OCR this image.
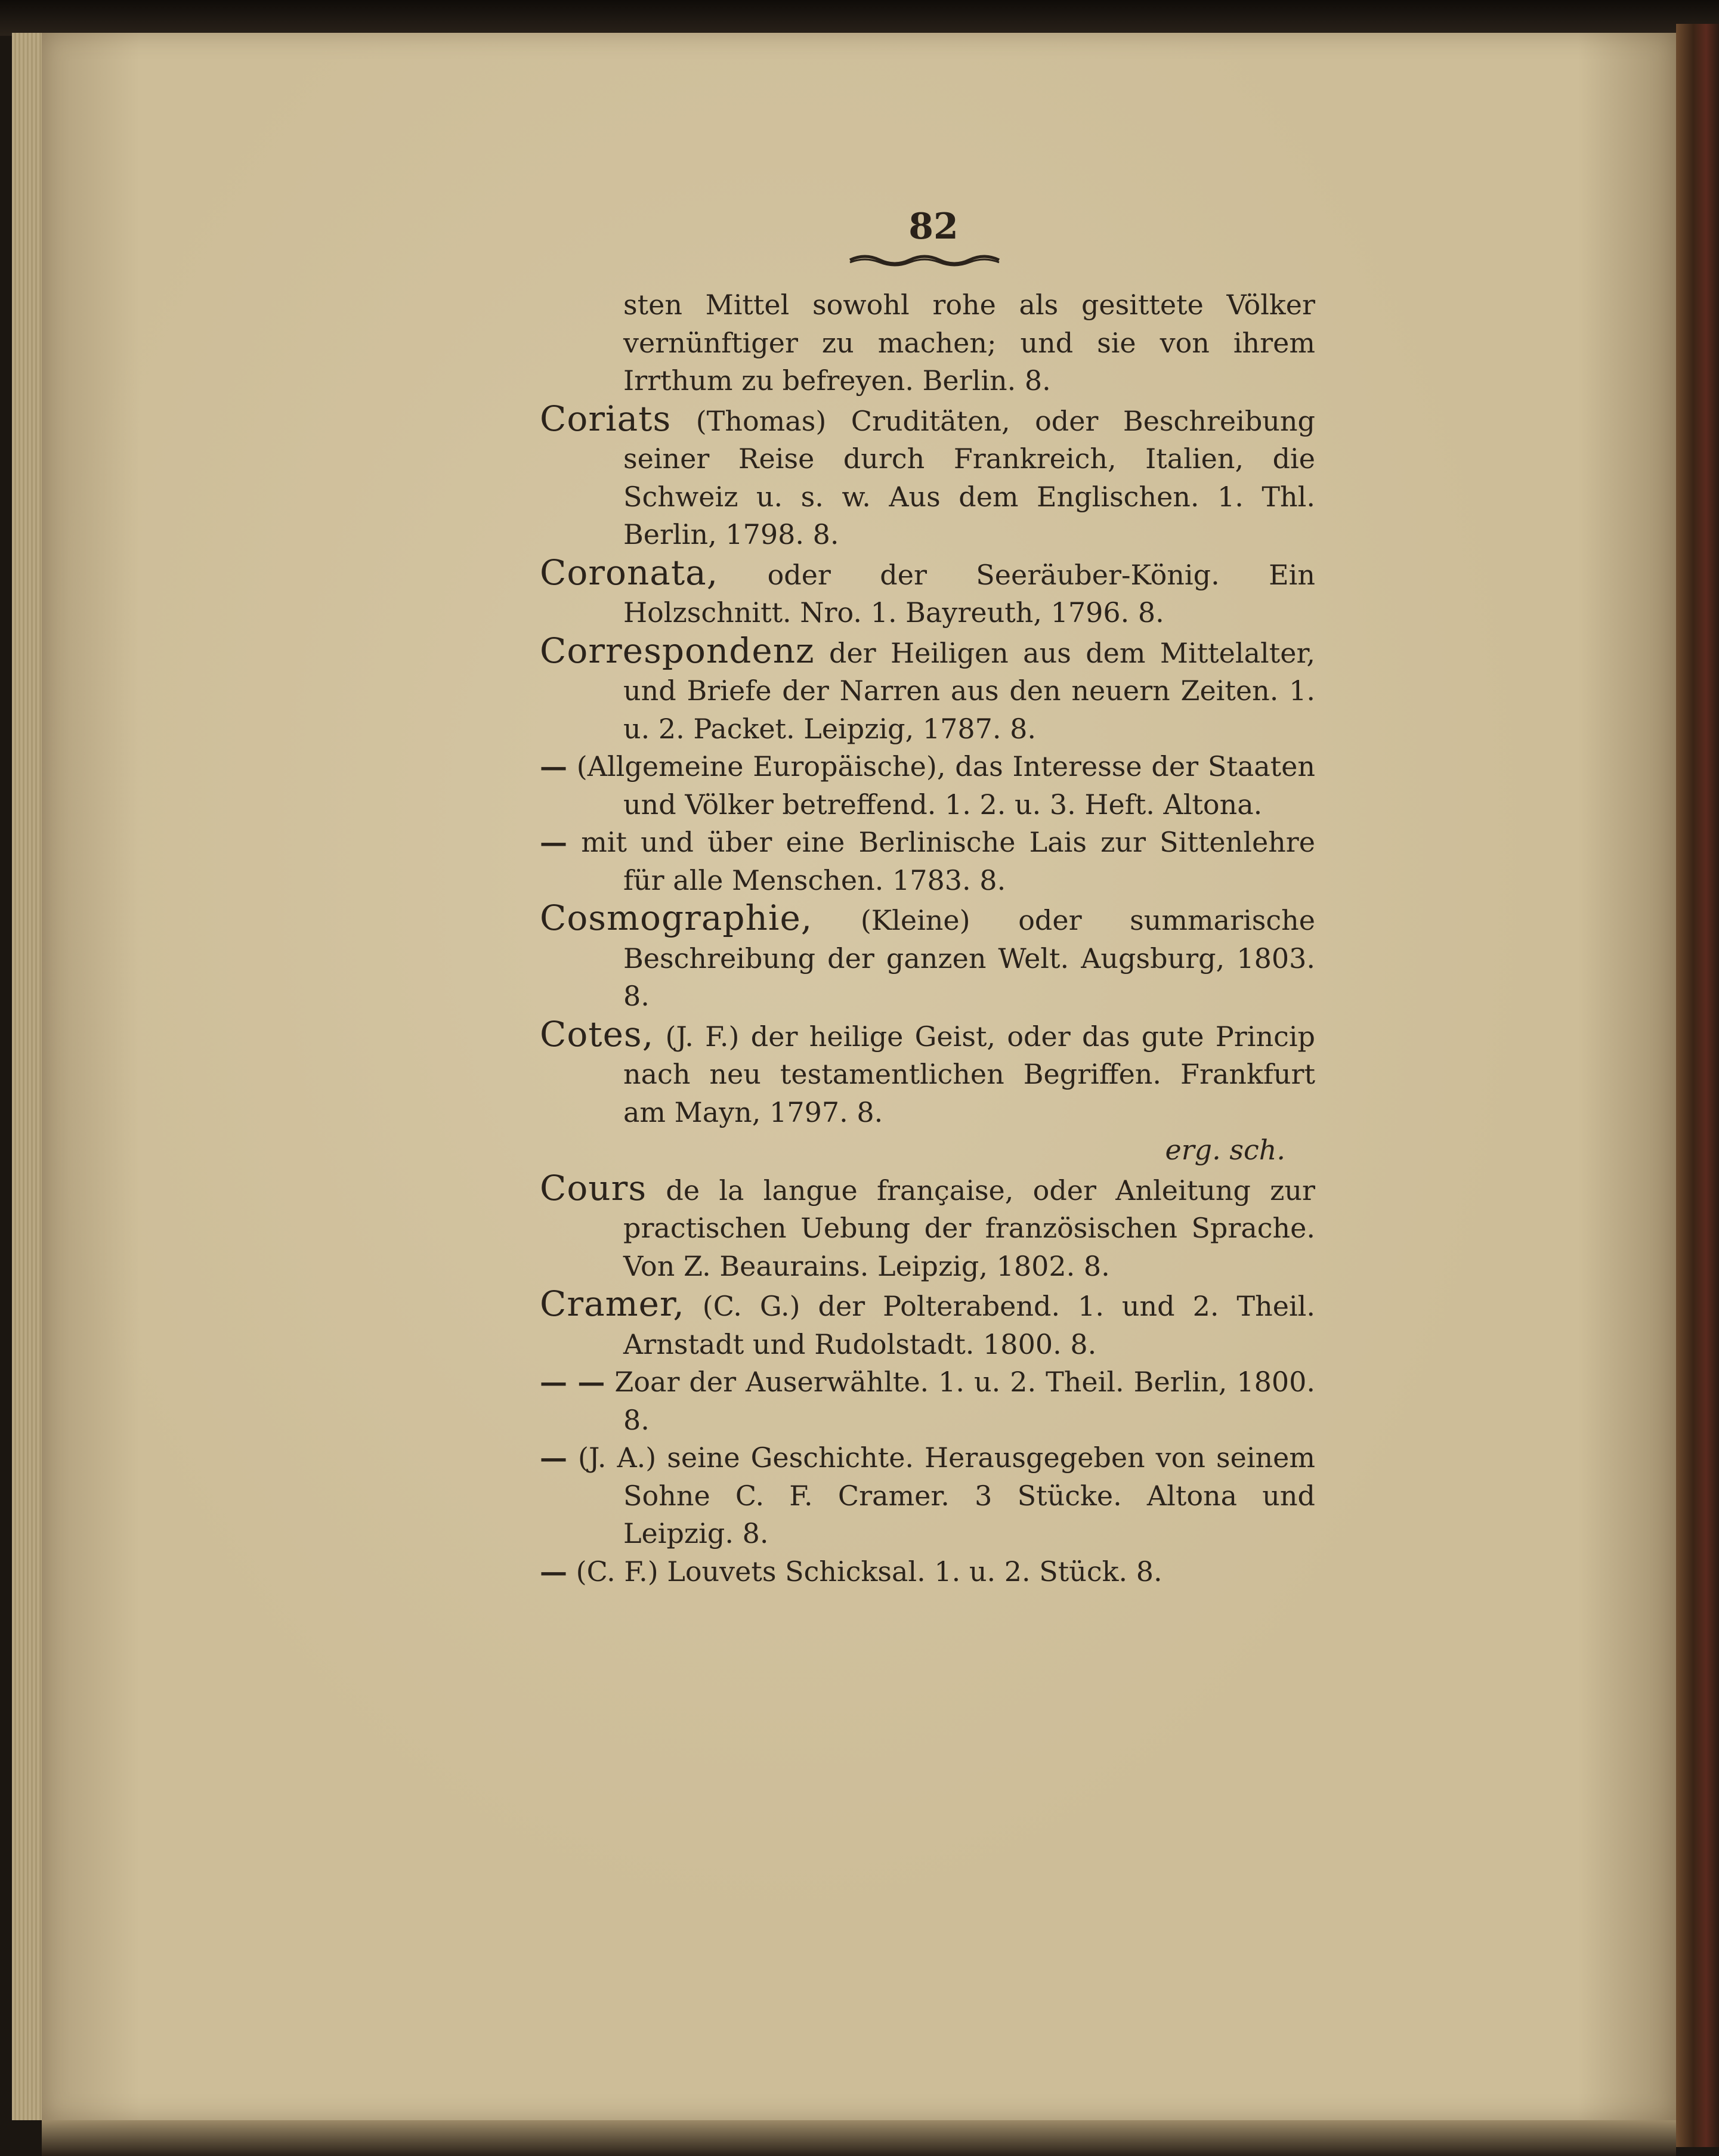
82

sten Mittel sowohl rohe als gesittete Völker vernünftiger zu machen; und sie von ihrem Irrthum zu befreyen. Berlin. 8.

Coriats (Thomas) Cruditäten, oder Beschreibung seiner Reise durch Frankreich, Italien, die Schweiz u. s. w. Aus dem Englischen. 1. Thl. Berlin, 1798. 8.

Coronata, oder der Seeräuber-König. Ein Holzschnitt. Nro. 1. Bayreuth, 1796. 8.

Correspondenz der Heiligen aus dem Mittelalter, und Briefe der Narren aus den neuern Zeiten. 1. u. 2. Packet. Leipzig, 1787. 8.

— (Allgemeine Europäische), das Interesse der Staaten und Völker betreffend. 1. 2. u. 3. Heft. Altona.

— mit und über eine Berlinische Lais zur Sittenlehre für alle Menschen. 1783. 8.

Cosmographie, (Kleine) oder summarische Beschreibung der ganzen Welt. Augsburg, 1803. 8.

Cotes, (J. F.) der heilige Geist, oder das gute Princip nach neu testamentlichen Begriffen. Frankfurt am Mayn, 1797. 8.

erg. sch.

Cours de la langue française, oder Anleitung zur practischen Uebung der französischen Sprache. Von Z. Beaurains. Leipzig, 1802. 8.

Cramer, (C. G.) der Polterabend. 1. und 2. Theil. Arnstadt und Rudolstadt. 1800. 8.

— — Zoar der Auserwählte. 1. u. 2. Theil. Berlin, 1800. 8.

— (J. A.) seine Geschichte. Herausgegeben von seinem Sohne C. F. Cramer. 3 Stücke. Altona und Leipzig. 8.

— (C. F.) Louvets Schicksal. 1. u. 2. Stück. 8.
